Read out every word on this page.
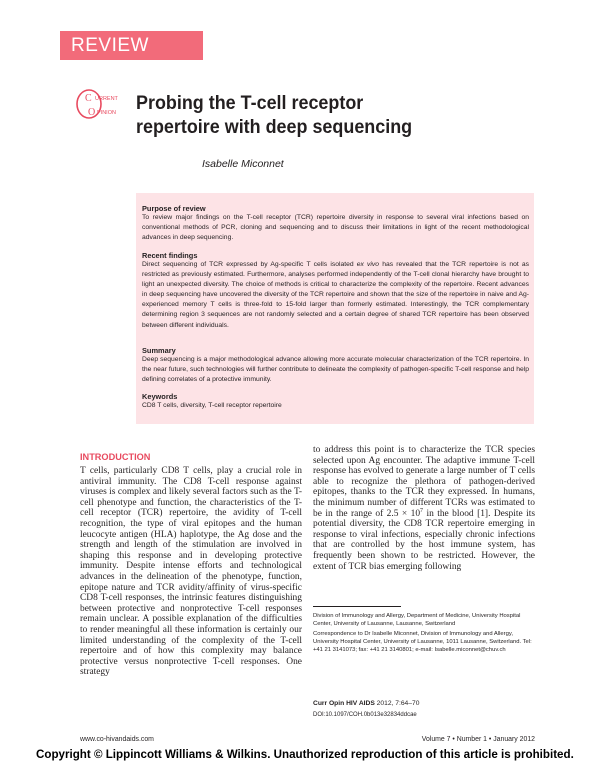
REVIEW
C URRENT
O PINION Probing the T-cell receptor repertoire with deep sequencing
Isabelle Miconnet
Purpose of review
To review major findings on the T-cell receptor (TCR) repertoire diversity in response to several viral infections based on conventional methods of PCR, cloning and sequencing and to discuss their limitations in light of the recent methodological advances in deep sequencing.
Recent findings
Direct sequencing of TCR expressed by Ag-specific T cells isolated ex vivo has revealed that the TCR repertoire is not as restricted as previously estimated. Furthermore, analyses performed independently of the T-cell clonal hierarchy have brought to light an unexpected diversity. The choice of methods is critical to characterize the complexity of the repertoire. Recent advances in deep sequencing have uncovered the diversity of the TCR repertoire and shown that the size of the repertoire in naive and Ag-experienced memory T cells is three-fold to 15-fold larger than formerly estimated. Interestingly, the TCR complementary determining region 3 sequences are not randomly selected and a certain degree of shared TCR repertoire has been observed between different individuals.
Summary
Deep sequencing is a major methodological advance allowing more accurate molecular characterization of the TCR repertoire. In the near future, such technologies will further contribute to delineate the complexity of pathogen-specific T-cell response and help defining correlates of a protective immunity.
Keywords
CD8 T cells, diversity, T-cell receptor repertoire
INTRODUCTION
T cells, particularly CD8 T cells, play a crucial role in antiviral immunity. The CD8 T-cell response against viruses is complex and likely several factors such as the T-cell phenotype and function, the characteristics of the T-cell receptor (TCR) repertoire, the avidity of T-cell recognition, the type of viral epitopes and the human leucocyte antigen (HLA) haplotype, the Ag dose and the strength and length of the stimulation are involved in shaping this response and in developing protective immunity. Despite intense efforts and technological advances in the delineation of the phenotype, function, epitope nature and TCR avidity/affinity of virus-specific CD8 T-cell responses, the intrinsic features distinguishing between protective and nonprotective T-cell responses remain unclear. A possible explanation of the difficulties to render meaningful all these information is certainly our limited understanding of the complexity of the T-cell repertoire and of how this complexity may balance protective versus nonprotective T-cell responses. One strategy
to address this point is to characterize the TCR species selected upon Ag encounter. The adaptive immune T-cell response has evolved to generate a large number of T cells able to recognize the plethora of pathogen-derived epitopes, thanks to the TCR they expressed. In humans, the minimum number of different TCRs was estimated to be in the range of $2.5 \times 10^7$ in the blood [1]. Despite its potential diversity, the CD8 TCR repertoire emerging in response to viral infections, especially chronic infections that are controlled by the host immune system, has frequently been shown to be restricted. However, the extent of TCR bias emerging following
Division of Immunology and Allergy, Department of Medicine, University Hospital Center, University of Lausanne, Lausanne, Switzerland
Correspondence to Dr Isabelle Miconnet, Division of Immunology and Allergy, University Hospital Center, University of Lausanne, 1011 Lausanne, Switzerland. Tel: +41 21 3141073; fax: +41 21 3140801; e-mail: Isabelle.miconnet@chuv.ch
Curr Opin HIV AIDS 2012, 7:64–70
DOI:10.1097/COH.0b013e32834ddcae
www.co-hivandaids.com	Volume 7 • Number 1 • January 2012
Copyright © Lippincott Williams & Wilkins. Unauthorized reproduction of this article is prohibited.
